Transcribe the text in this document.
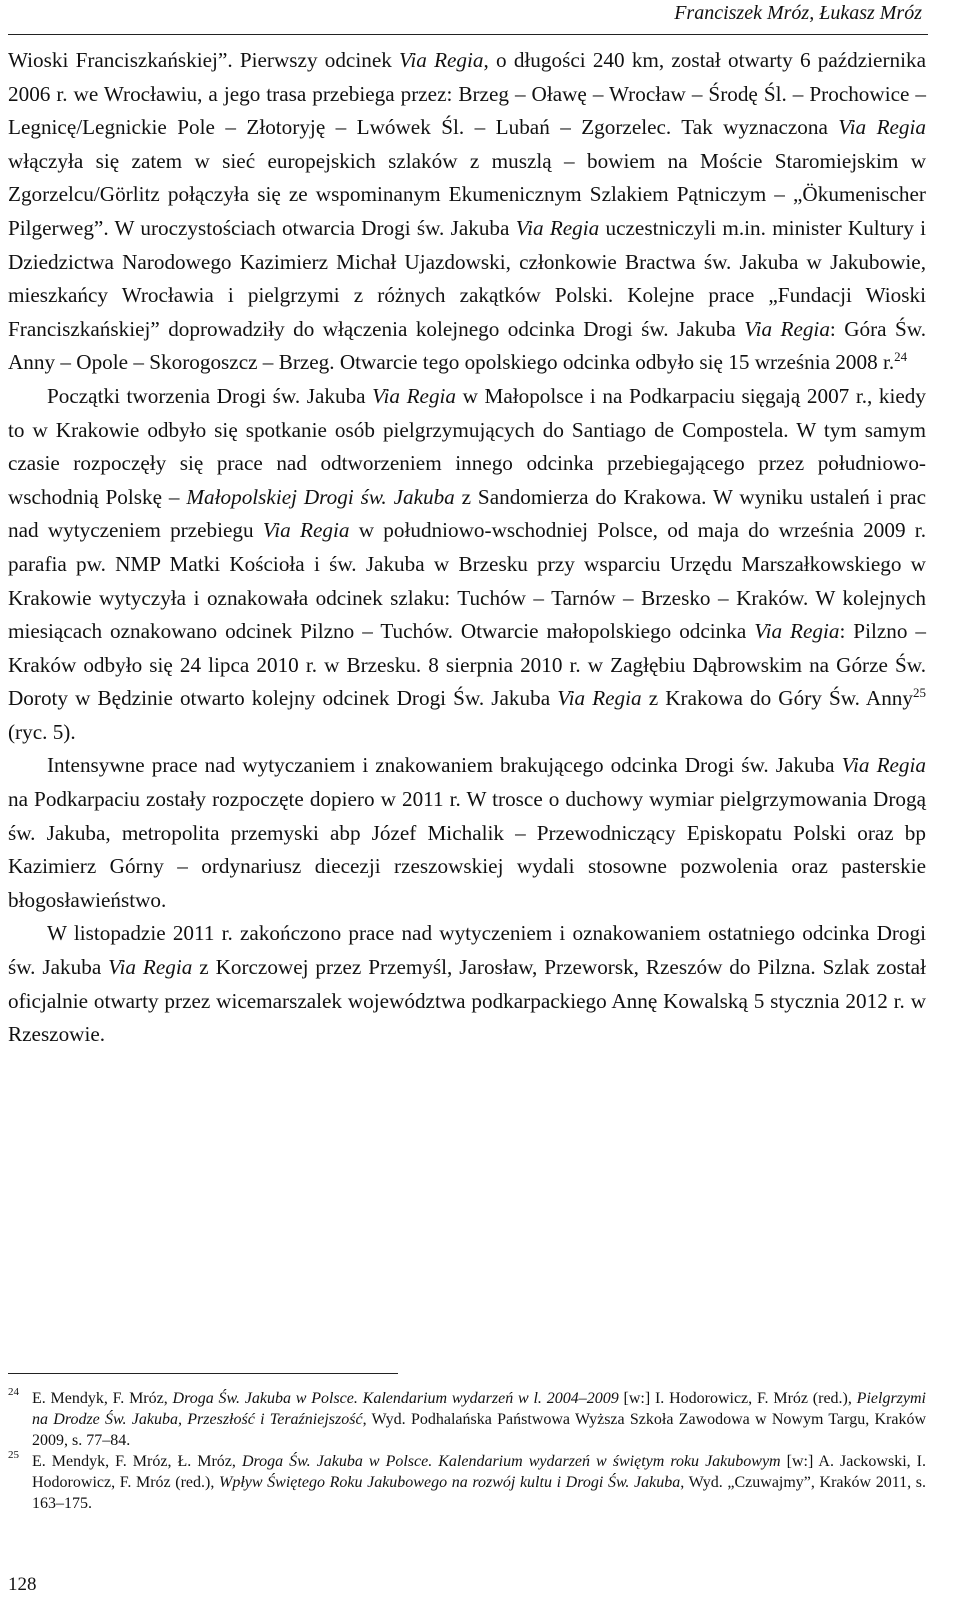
Franciszek Mróz, Łukasz Mróz

Wioski Franciszkańskiej”. Pierwszy odcinek Via Regia, o długości 240 km, został otwarty 6 października 2006 r. we Wrocławiu, a jego trasa przebiega przez: Brzeg – Oławę – Wrocław – Środę Śl. – Prochowice – Legnicę/Legnickie Pole – Złotoryję – Lwówek Śl. – Lubań – Zgorzelec. Tak wyznaczona Via Regia włączyła się zatem w sieć europejskich szlaków z muszlą – bowiem na Moście Staromiejskim w Zgorzelcu/Görlitz połączyła się ze wspominanym Ekumenicznym Szlakiem Pątniczym – „Ökumenischer Pilgerweg”. W uroczystościach otwarcia Drogi św. Jakuba Via Regia uczestniczyli m.in. minister Kultury i Dziedzictwa Narodowego Kazimierz Michał Ujazdowski, członkowie Bractwa św. Jakuba w Jakubowie, mieszkańcy Wrocławia i pielgrzymi z różnych zakątków Polski. Kolejne prace „Fundacji Wioski Franciszkańskiej” doprowadziły do włączenia kolejnego odcinka Drogi św. Jakuba Via Regia: Góra Św. Anny – Opole – Skorogoszcz – Brzeg. Otwarcie tego opolskiego odcinka odbyło się 15 września 2008 r.$^{24}$

Początki tworzenia Drogi św. Jakuba Via Regia w Małopolsce i na Podkarpaciu sięgają 2007 r., kiedy to w Krakowie odbyło się spotkanie osób pielgrzymujących do Santiago de Compostela. W tym samym czasie rozpoczęły się prace nad odtworzeniem innego odcinka przebiegającego przez południowo-wschodnią Polskę – Małopolskiej Drogi św. Jakuba z Sandomierza do Krakowa. W wyniku ustaleń i prac nad wytyczeniem przebiegu Via Regia w południowo-wschodniej Polsce, od maja do września 2009 r. parafia pw. NMP Matki Kościoła i św. Jakuba w Brzesku przy wsparciu Urzędu Marszałkowskiego w Krakowie wytyczyła i oznakowała odcinek szlaku: Tuchów – Tarnów – Brzesko – Kraków. W kolejnych miesiącach oznakowano odcinek Pilzno – Tuchów. Otwarcie małopolskiego odcinka Via Regia: Pilzno – Kraków odbyło się 24 lipca 2010 r. w Brzesku. 8 sierpnia 2010 r. w Zagłębiu Dąbrowskim na Górze Św. Doroty w Będzinie otwarto kolejny odcinek Drogi Św. Jakuba Via Regia z Krakowa do Góry Św. Anny$^{25}$ (ryc. 5).

Intensywne prace nad wytyczaniem i znakowaniem brakującego odcinka Drogi św. Jakuba Via Regia na Podkarpaciu zostały rozpoczęte dopiero w 2011 r. W trosce o duchowy wymiar pielgrzymowania Drogą św. Jakuba, metropolita przemyski abp Józef Michalik – Przewodniczący Episkopatu Polski oraz bp Kazimierz Górny – ordynariusz diecezji rzeszowskiej wydali stosowne pozwolenia oraz pasterskie błogosławieństwo.

W listopadzie 2011 r. zakończono prace nad wytyczeniem i oznakowaniem ostatniego odcinka Drogi św. Jakuba Via Regia z Korczowej przez Przemyśl, Jarosław, Przeworsk, Rzeszów do Pilzna. Szlak został oficjalnie otwarty przez wicemarszalek województwa podkarpackiego Annę Kowalską 5 stycznia 2012 r. w Rzeszowie.

24 E. Mendyk, F. Mróz, Droga Św. Jakuba w Polsce. Kalendarium wydarzeń w l. 2004–2009 [w:] I. Hodorowicz, F. Mróz (red.), Pielgrzymi na Drodze Św. Jakuba, Przeszłość i Teraźniejszość, Wyd. Podhalańska Państwowa Wyższa Szkoła Zawodowa w Nowym Targu, Kraków 2009, s. 77–84.
25 E. Mendyk, F. Mróz, Ł. Mróz, Droga Św. Jakuba w Polsce. Kalendarium wydarzeń w świętym roku Jakubowym [w:] A. Jackowski, I. Hodorowicz, F. Mróz (red.), Wpływ Świętego Roku Jakubowego na rozwój kultu i Drogi Św. Jakuba, Wyd. „Czuwajmy”, Kraków 2011, s. 163–175.
128
